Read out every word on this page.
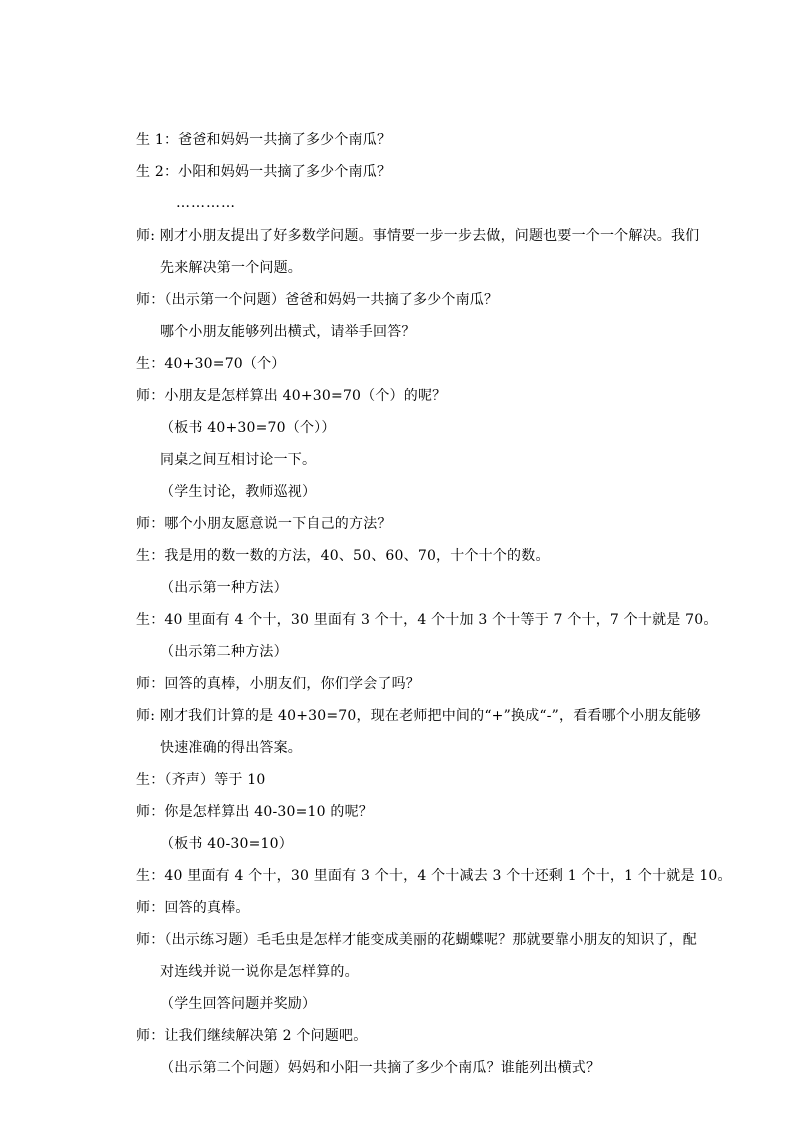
生 1：爸爸和妈妈一共摘了多少个南瓜？
生 2：小阳和妈妈一共摘了多少个南瓜？
…………
师: 刚才小朋友提出了好多数学问题。事情要一步一步去做，问题也要一个一个解决。我们
先来解决第一个问题。
师：（出示第一个问题）爸爸和妈妈一共摘了多少个南瓜？
哪个小朋友能够列出横式，请举手回答？
生：40+30=70（个）
师：小朋友是怎样算出 40+30=70（个）的呢？
（板书 40+30=70（个））
同桌之间互相讨论一下。
（学生讨论，教师巡视）
师：哪个小朋友愿意说一下自己的方法？
生：我是用的数一数的方法，40、50、60、70，十个十个的数。
（出示第一种方法）
生：40 里面有 4 个十，30 里面有 3 个十，4 个十加 3 个十等于 7 个十，7 个十就是 70。
（出示第二种方法）
师：回答的真棒，小朋友们，你们学会了吗？
师: 刚才我们计算的是 40+30=70，现在老师把中间的“+”换成“-”，看看哪个小朋友能够
快速准确的得出答案。
生：（齐声）等于 10
师：你是怎样算出 40-30=10 的呢？
（板书 40-30=10）
生：40 里面有 4 个十，30 里面有 3 个十，4 个十减去 3 个十还剩 1 个十，1 个十就是 10。
师：回答的真棒。
师：（出示练习题）毛毛虫是怎样才能变成美丽的花蝴蝶呢？那就要靠小朋友的知识了，配
对连线并说一说你是怎样算的。
（学生回答问题并奖励）
师：让我们继续解决第 2 个问题吧。
（出示第二个问题）妈妈和小阳一共摘了多少个南瓜？谁能列出横式？
